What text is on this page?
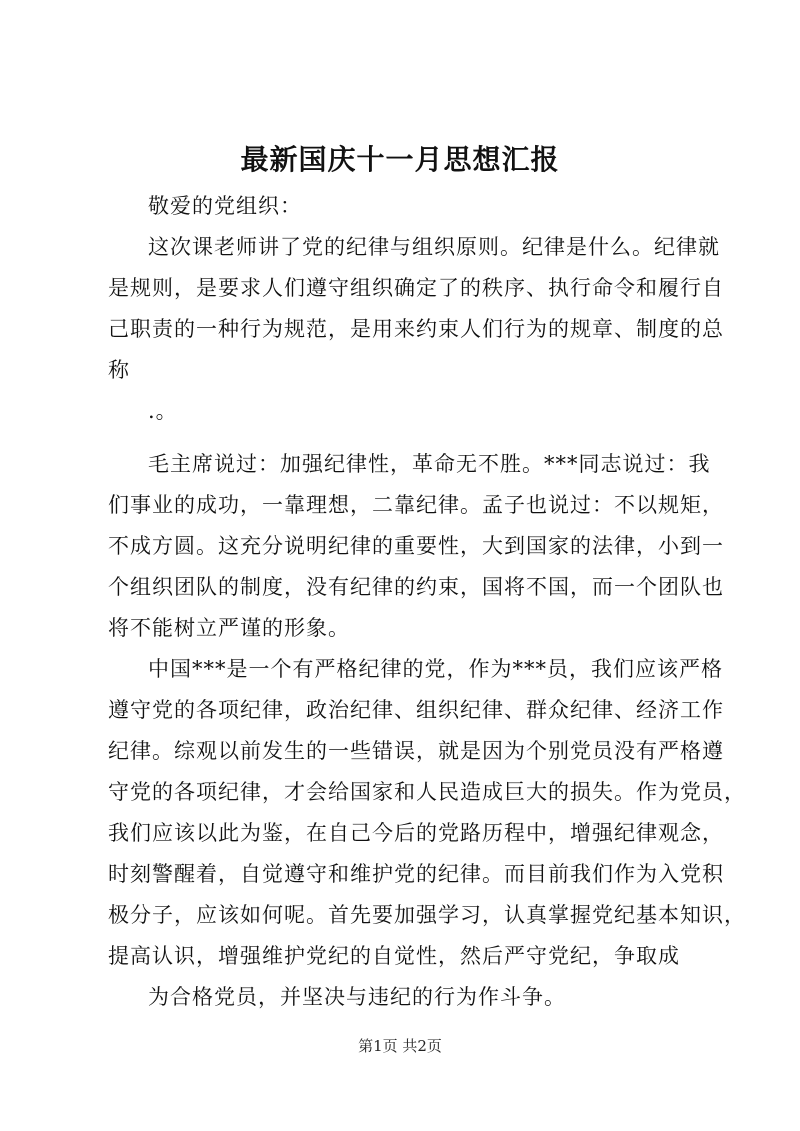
最新国庆十一月思想汇报
敬爱的党组织：
这次课老师讲了党的纪律与组织原则。纪律是什么。纪律就
是规则，是要求人们遵守组织确定了的秩序、执行命令和履行自
己职责的一种行为规范，是用来约束人们行为的规章、制度的总
称
.。
毛主席说过：加强纪律性，革命无不胜。***同志说过：我
们事业的成功，一靠理想，二靠纪律。孟子也说过：不以规矩，
不成方圆。这充分说明纪律的重要性，大到国家的法律，小到一
个组织团队的制度，没有纪律的约束，国将不国，而一个团队也
将不能树立严谨的形象。
中国***是一个有严格纪律的党，作为***员，我们应该严格
遵守党的各项纪律，政治纪律、组织纪律、群众纪律、经济工作
纪律。综观以前发生的一些错误，就是因为个别党员没有严格遵
守党的各项纪律，才会给国家和人民造成巨大的损失。作为党员，
我们应该以此为鉴，在自己今后的党路历程中，增强纪律观念，
时刻警醒着，自觉遵守和维护党的纪律。而目前我们作为入党积
极分子，应该如何呢。首先要加强学习，认真掌握党纪基本知识，
提高认识，增强维护党纪的自觉性，然后严守党纪，争取成
为合格党员，并坚决与违纪的行为作斗争。
第1页 共2页
